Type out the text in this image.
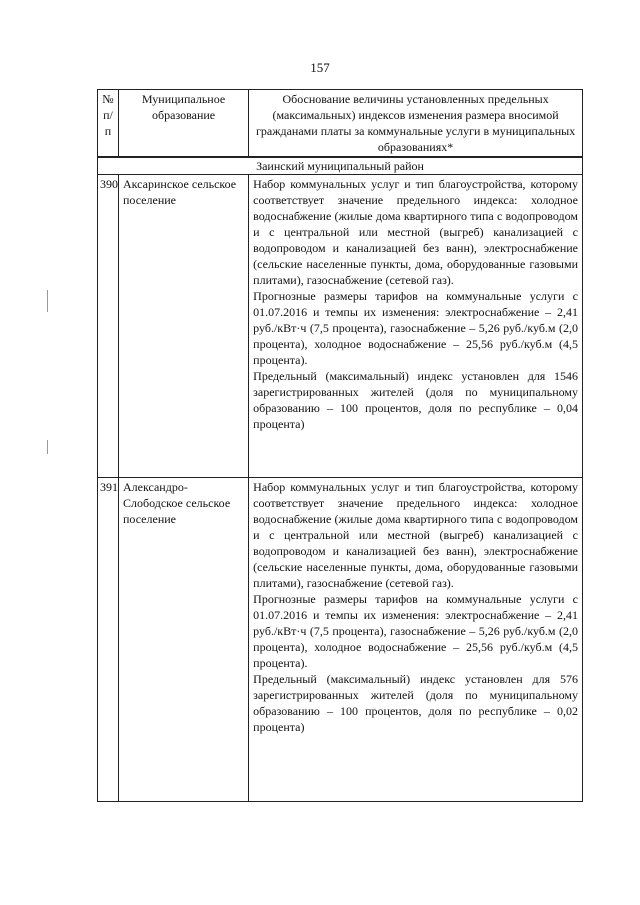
157
№ п/п	Муниципальное образование	Обоснование величины установленных предельных (максимальных) индексов изменения размера вносимой гражданами платы за коммунальные услуги в муниципальных образованиях*
Заинский муниципальный район		
390	Аксаринское сельское поселение	Набор коммунальных услуг и тип благоустройства, которому соответствует значение предельного индекса: холодное водоснабжение (жилые дома квартирного типа с водопроводом и с центральной или местной (выгреб) канализацией с водопроводом и канализацией без ванн), электроснабжение (сельские населенные пункты, дома, оборудованные газовыми плитами), газоснабжение (сетевой газ).

Прогнозные размеры тарифов на коммунальные услуги с 01.07.2016 и темпы их изменения: электроснабжение – 2,41 руб./кВт·ч (7,5 процента), газоснабжение – 5,26 руб./куб.м (2,0 процента), холодное водоснабжение – 25,56 руб./куб.м (4,5 процента).

Предельный (максимальный) индекс установлен для 1546 зарегистрированных жителей (доля по муниципальному образованию – 100 процентов, доля по республике – 0,04 процента)

391	Александро-Слободское сельское поселение	Набор коммунальных услуг и тип благоустройства, которому соответствует значение предельного индекса: холодное водоснабжение (жилые дома квартирного типа с водопроводом и с центральной или местной (выгреб) канализацией с водопроводом и канализацией без ванн), электроснабжение (сельские населенные пункты, дома, оборудованные газовыми плитами), газоснабжение (сетевой газ).

Прогнозные размеры тарифов на коммунальные услуги с 01.07.2016 и темпы их изменения: электроснабжение – 2,41 руб./кВт·ч (7,5 процента), газоснабжение – 5,26 руб./куб.м (2,0 процента), холодное водоснабжение – 25,56 руб./куб.м (4,5 процента).

Предельный (максимальный) индекс установлен для 576 зарегистрированных жителей (доля по муниципальному образованию – 100 процентов, доля по республике – 0,02 процента)
